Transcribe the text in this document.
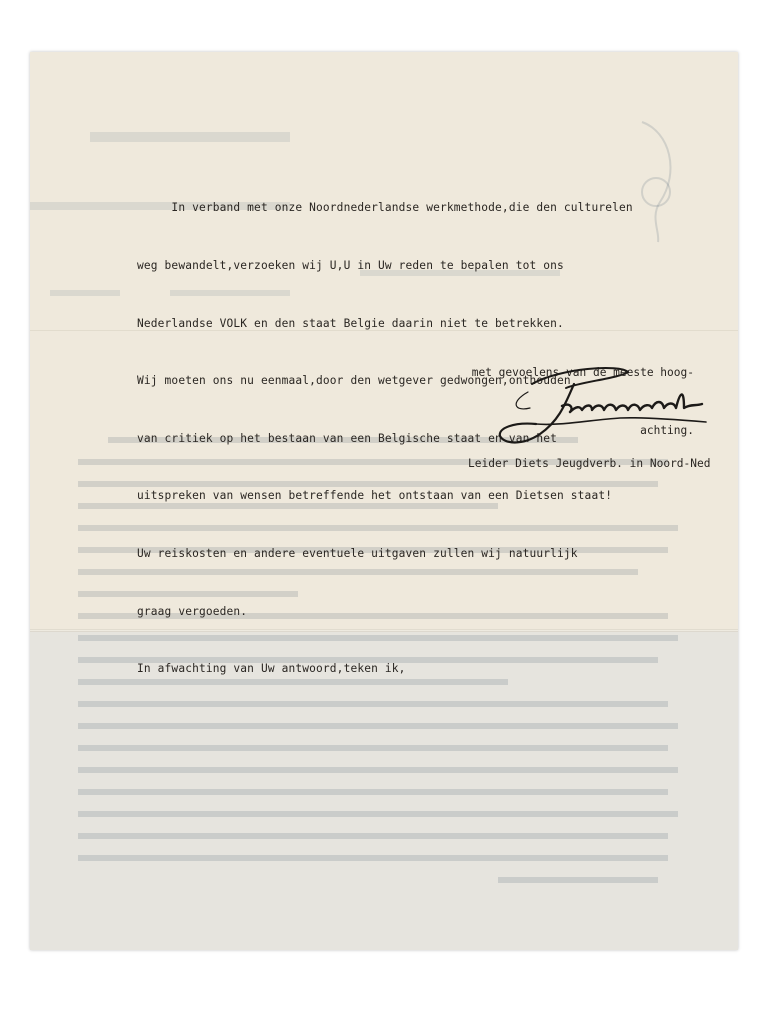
In verband met onze Noordnederlandse werkmethode,die den culturelen

weg bewandelt,verzoeken wij U,U in Uw reden te bepalen tot ons

Nederlandse VOLK en den staat Belgie daarin niet te betrekken.

Wij moeten ons nu eenmaal,door den wetgever gedwongen,onthouden

van critiek op het bestaan van een Belgische staat en van het

uitspreken van wensen betreffende het ontstaan van een Dietsen staat!

Uw reiskosten en andere eventuele uitgaven zullen wij natuurlijk

graag vergoeden.

In afwachting van Uw antwoord,teken ik,

met gevoelens van de meeste hoog-

achting.

Leider Diets Jeugdverb. in Noord-Ned
